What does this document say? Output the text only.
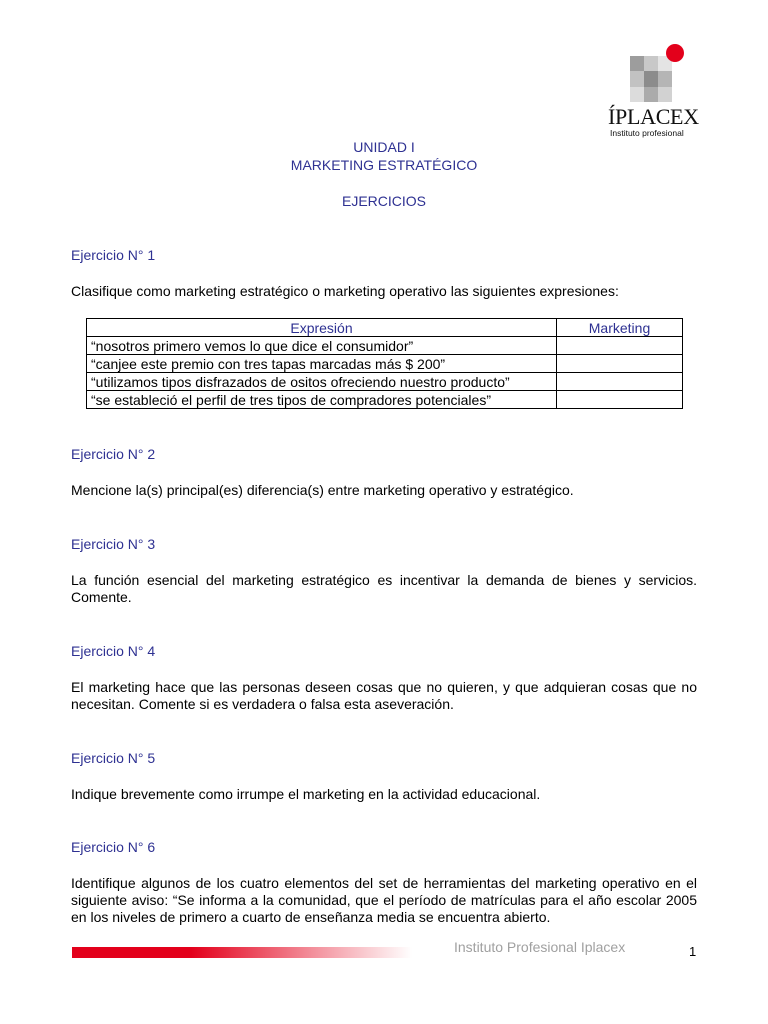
ÍPLACEX
Instituto profesional
UNIDAD I
MARKETING ESTRATÉGICO
EJERCICIOS
Ejercicio N° 1
Clasifique como marketing estratégico o marketing operativo las siguientes expresiones:
Expresión	Marketing
“nosotros primero vemos lo que dice el consumidor”	
“canjee este premio con tres tapas marcadas más $ 200”	
“utilizamos tipos disfrazados de ositos ofreciendo nuestro producto”	
“se estableció el perfil de tres tipos de compradores potenciales”	
Ejercicio N° 2
Mencione la(s) principal(es) diferencia(s) entre marketing operativo y estratégico.
Ejercicio N° 3
La función esencial del marketing estratégico es incentivar la demanda de bienes y servicios. Comente.
Ejercicio N° 4
El marketing hace que las personas deseen cosas que no quieren, y que adquieran cosas que no necesitan. Comente si es verdadera o falsa esta aseveración.
Ejercicio N° 5
Indique brevemente como irrumpe el marketing en la actividad educacional.
Ejercicio N° 6
Identifique algunos de los cuatro elementos del set de herramientas del marketing operativo en el siguiente aviso: “Se informa a la comunidad, que el período de matrículas para el año escolar 2005 en los niveles de primero a cuarto de enseñanza media se encuentra abierto.
Instituto Profesional Iplacex	1
